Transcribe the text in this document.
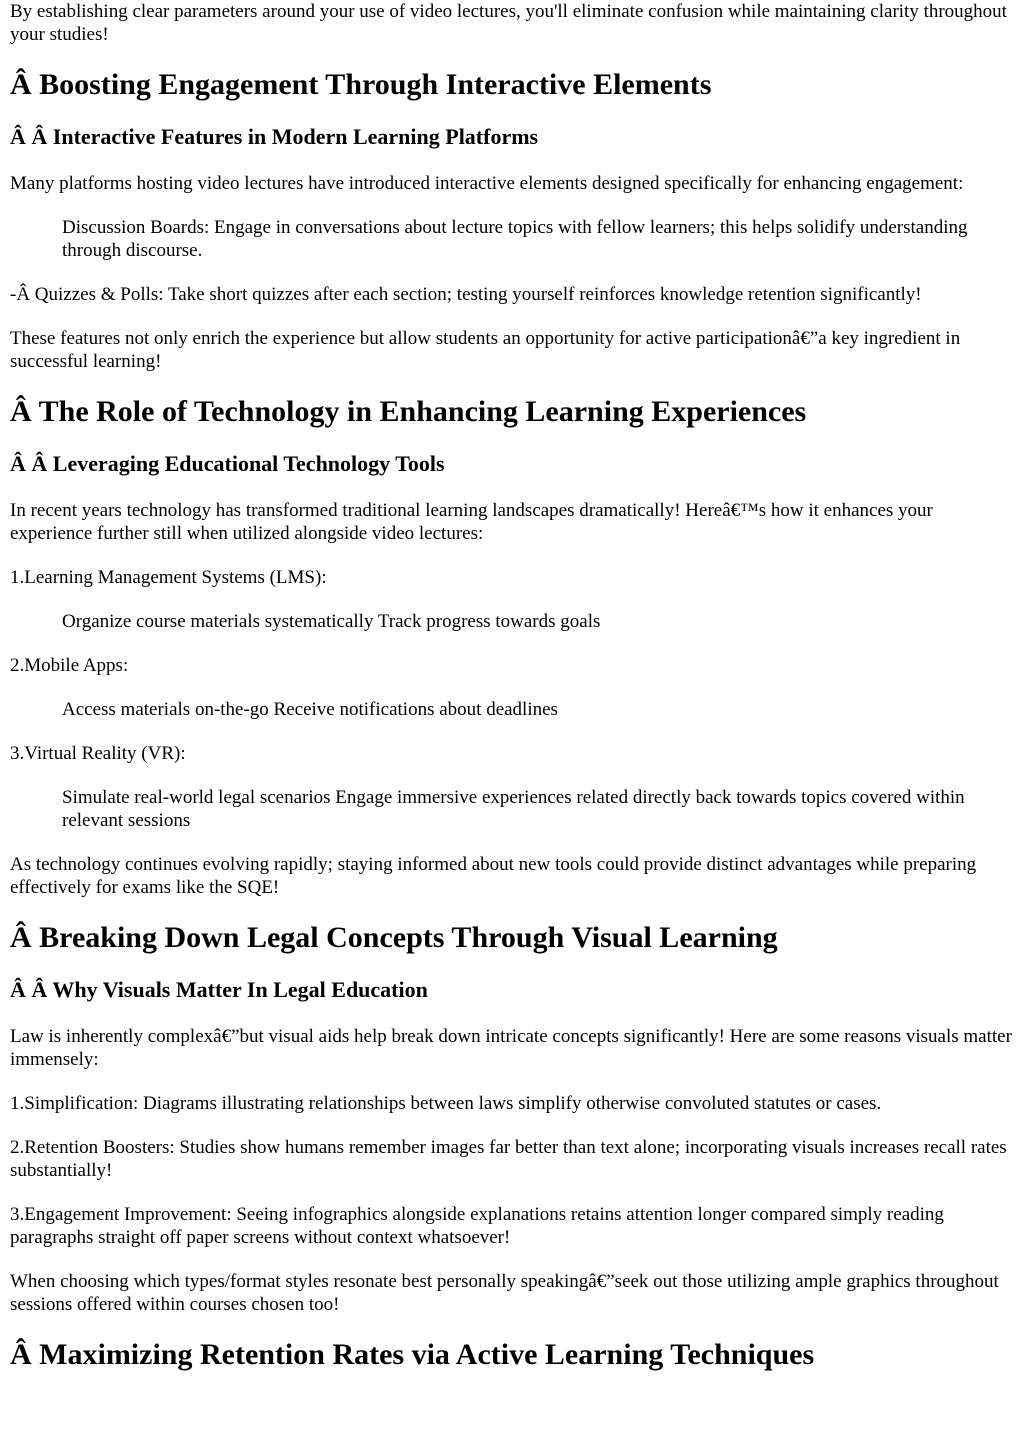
By establishing clear parameters around your use of video lectures, you'll eliminate confusion while maintaining clarity throughout your studies!

Â Boosting Engagement Through Interactive Elements
Â Â Interactive Features in Modern Learning Platforms

Many platforms hosting video lectures have introduced interactive elements designed specifically for enhancing engagement:

Discussion Boards: Engage in conversations about lecture topics with fellow learners; this helps solidify understanding through discourse.

-Â Quizzes & Polls: Take short quizzes after each section; testing yourself reinforces knowledge retention significantly!

These features not only enrich the experience but allow students an opportunity for active participationâ€”a key ingredient in successful learning!

Â The Role of Technology in Enhancing Learning Experiences
Â Â Leveraging Educational Technology Tools

In recent years technology has transformed traditional learning landscapes dramatically! Hereâ€™s how it enhances your experience further still when utilized alongside video lectures:

1.Learning Management Systems (LMS):

Organize course materials systematically Track progress towards goals

2.Mobile Apps:

Access materials on-the-go Receive notifications about deadlines

3.Virtual Reality (VR):

Simulate real-world legal scenarios Engage immersive experiences related directly back towards topics covered within relevant sessions

As technology continues evolving rapidly; staying informed about new tools could provide distinct advantages while preparing effectively for exams like the SQE!

Â Breaking Down Legal Concepts Through Visual Learning
Â Â Why Visuals Matter In Legal Education

Law is inherently complexâ€”but visual aids help break down intricate concepts significantly! Here are some reasons visuals matter immensely:

1.Simplification: Diagrams illustrating relationships between laws simplify otherwise convoluted statutes or cases.

2.Retention Boosters: Studies show humans remember images far better than text alone; incorporating visuals increases recall rates substantially!

3.Engagement Improvement: Seeing infographics alongside explanations retains attention longer compared simply reading paragraphs straight off paper screens without context whatsoever!

When choosing which types/format styles resonate best personally speakingâ€”seek out those utilizing ample graphics throughout sessions offered within courses chosen too!

Â Maximizing Retention Rates via Active Learning Techniques
